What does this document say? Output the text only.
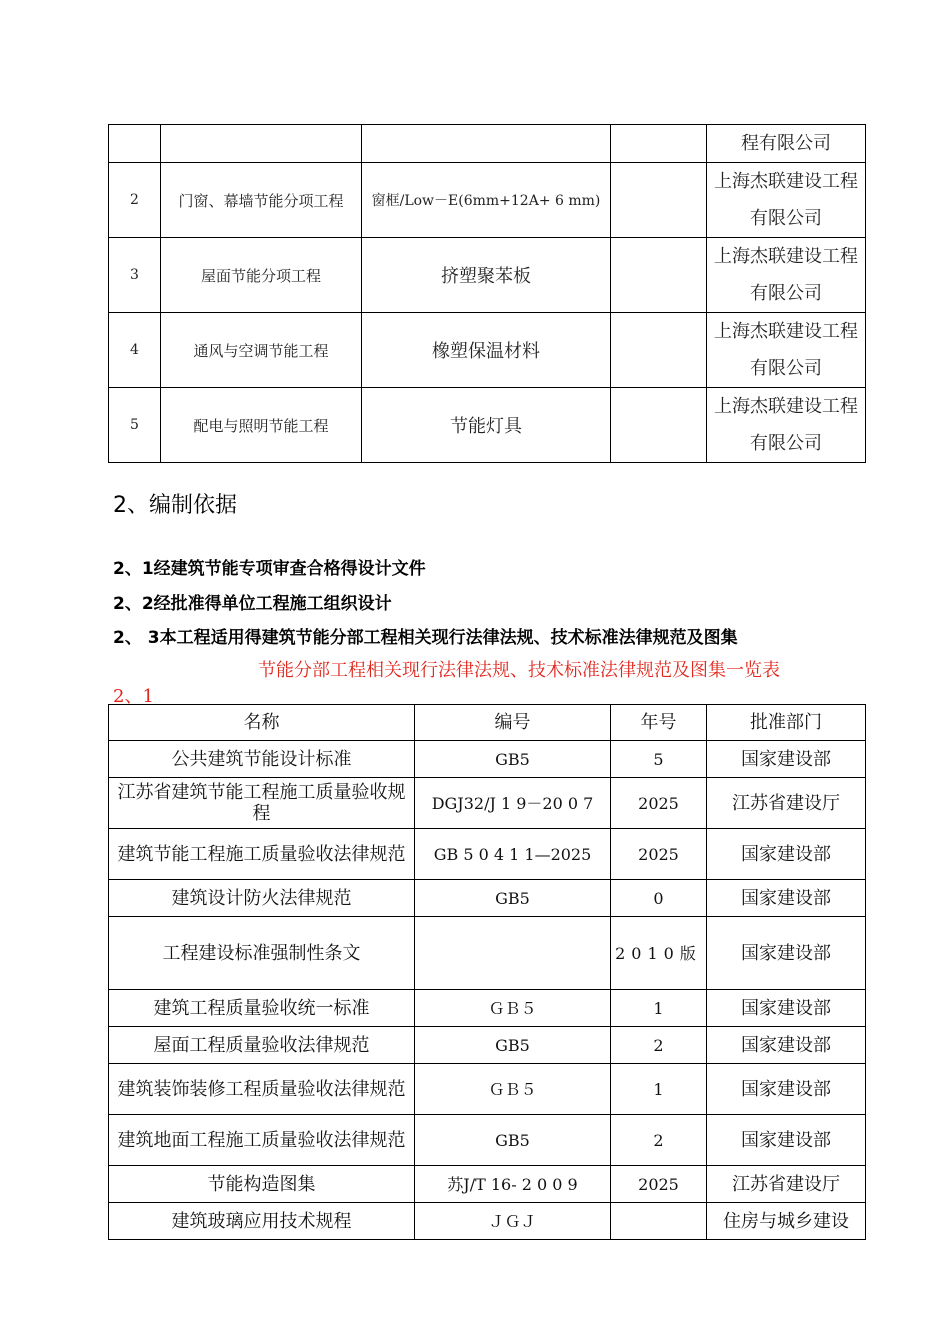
				程有限公司
2	门窗、幕墙节能分项工程	窗框/Low－E(6mm+12A+ 6 mm)		上海杰联建设工程有限公司
3	屋面节能分项工程	挤塑聚苯板		上海杰联建设工程有限公司
4	通风与空调节能工程	橡塑保温材料		上海杰联建设工程有限公司
5	配电与照明节能工程	节能灯具		上海杰联建设工程有限公司
2、编制依据
2、1经建筑节能专项审查合格得设计文件
2、2经批准得单位工程施工组织设计
2、 3本工程适用得建筑节能分部工程相关现行法律法规、技术标准法律规范及图集
节能分部工程相关现行法律法规、技术标准法律规范及图集一览表
2、1
名称	编号	年号	批准部门
公共建筑节能设计标准	GB5	5	国家建设部
江苏省建筑节能工程施工质量验收规程	DGJ32/J 1 9－20 0 7	2025	江苏省建设厅
建筑节能工程施工质量验收法律规范	GB 5 0 4 1 1—2025	2025	国家建设部
建筑设计防火法律规范	GB5	0	国家建设部
工程建设标准强制性条文		2010版	国家建设部
建筑工程质量验收统一标准	ＧＢ５	1	国家建设部
屋面工程质量验收法律规范	GB5	2	国家建设部
建筑装饰装修工程质量验收法律规范	ＧＢ５	1	国家建设部
建筑地面工程施工质量验收法律规范	GB5	2	国家建设部
节能构造图集	苏J/T 16- 2 0 0 9	2025	江苏省建设厅
建筑玻璃应用技术规程	ＪＧＪ		住房与城乡建设
